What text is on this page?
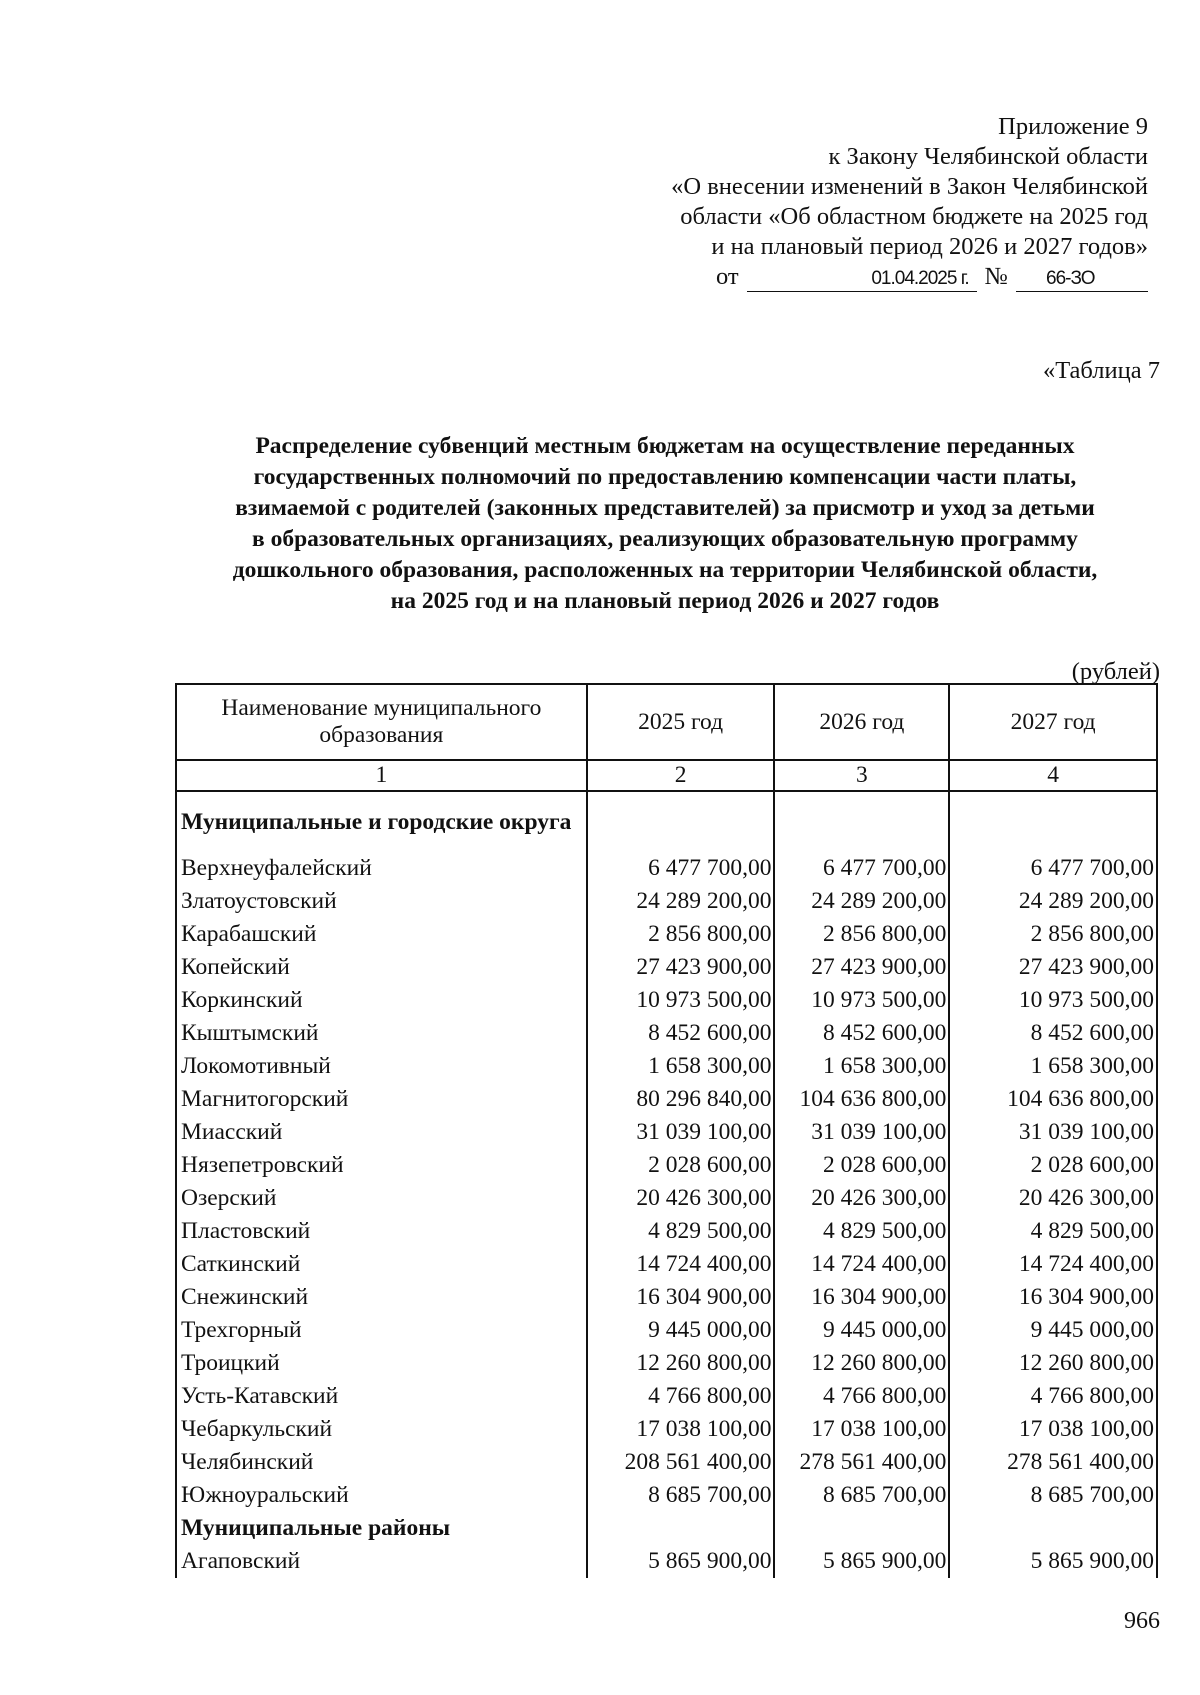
Приложение 9
к Закону Челябинской области
«О внесении изменений в Закон Челябинской
области «Об областном бюджете на 2025 год
и на плановый период 2026 и 2027 годов»
от	01.04.2025 г. №	66-ЗО
«Таблица 7
Распределение субвенций местным бюджетам на осуществление переданных
государственных полномочий по предоставлению компенсации части платы,
взимаемой с родителей (законных представителей) за присмотр и уход за детьми
в образовательных организациях, реализующих образовательную программу
дошкольного образования, расположенных на территории Челябинской области,
на 2025 год и на плановый период 2026 и 2027 годов
(рублей)
Наименование муниципального образования	2025 год	2026 год	2027 год
1	2	3	4
Муниципальные и городские округа			
Верхнеуфалейский	6 477 700,00	6 477 700,00	6 477 700,00
Златоустовский	24 289 200,00	24 289 200,00	24 289 200,00
Карабашский	2 856 800,00	2 856 800,00	2 856 800,00
Копейский	27 423 900,00	27 423 900,00	27 423 900,00
Коркинский	10 973 500,00	10 973 500,00	10 973 500,00
Кыштымский	8 452 600,00	8 452 600,00	8 452 600,00
Локомотивный	1 658 300,00	1 658 300,00	1 658 300,00
Магнитогорский	80 296 840,00	104 636 800,00	104 636 800,00
Миасский	31 039 100,00	31 039 100,00	31 039 100,00
Нязепетровский	2 028 600,00	2 028 600,00	2 028 600,00
Озерский	20 426 300,00	20 426 300,00	20 426 300,00
Пластовский	4 829 500,00	4 829 500,00	4 829 500,00
Саткинский	14 724 400,00	14 724 400,00	14 724 400,00
Снежинский	16 304 900,00	16 304 900,00	16 304 900,00
Трехгорный	9 445 000,00	9 445 000,00	9 445 000,00
Троицкий	12 260 800,00	12 260 800,00	12 260 800,00
Усть-Катавский	4 766 800,00	4 766 800,00	4 766 800,00
Чебаркульский	17 038 100,00	17 038 100,00	17 038 100,00
Челябинский	208 561 400,00	278 561 400,00	278 561 400,00
Южноуральский	8 685 700,00	8 685 700,00	8 685 700,00
Муниципальные районы			
Агаповский	5 865 900,00	5 865 900,00	5 865 900,00
966
